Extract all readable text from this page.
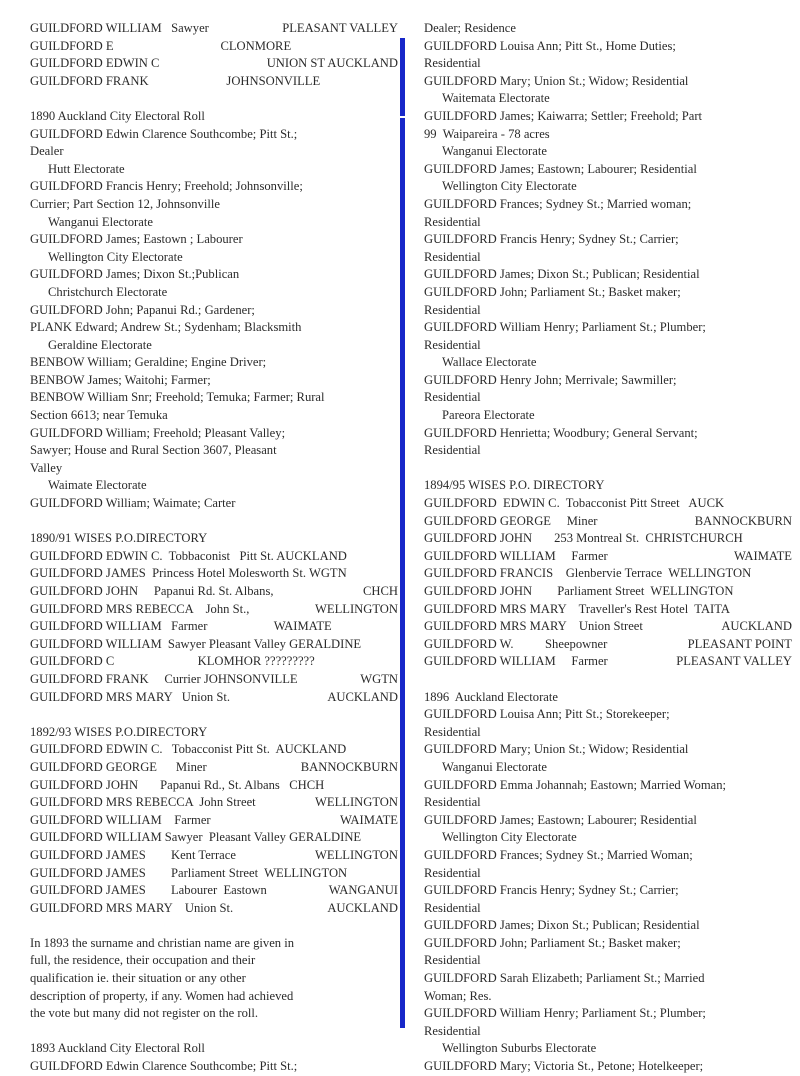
GUILDFORD WILLIAM   Sawyer	PLEASANT VALLEY
GUILDFORD E	CLONMORE
GUILDFORD EDWIN C	UNION ST AUCKLAND
GUILDFORD FRANK	JOHNSONVILLE
1890 Auckland City Electoral Roll
GUILDFORD Edwin Clarence Southcombe; Pitt St.;
Dealer
Hutt Electorate
GUILDFORD Francis Henry; Freehold; Johnsonville;
Currier; Part Section 12, Johnsonville
Wanganui Electorate
GUILDFORD James; Eastown ; Labourer
Wellington City Electorate
GUILDFORD James; Dixon St.;Publican
Christchurch Electorate
GUILDFORD John; Papanui Rd.; Gardener;
PLANK Edward; Andrew St.; Sydenham; Blacksmith
Geraldine Electorate
BENBOW William; Geraldine; Engine Driver;
BENBOW James; Waitohi; Farmer;
BENBOW William Snr; Freehold; Temuka; Farmer; Rural
Section 6613; near Temuka
GUILDFORD William; Freehold; Pleasant Valley;
Sawyer; House and Rural Section 3607, Pleasant
Valley
Waimate Electorate
GUILDFORD William; Waimate; Carter
1890/91 WISES P.O.DIRECTORY
GUILDFORD EDWIN C.  Tobbaconist   Pitt St. AUCKLAND
GUILDFORD JAMES  Princess Hotel Molesworth St. WGTN
GUILDFORD JOHN     Papanui Rd. St. Albans,	CHCH
GUILDFORD MRS REBECCA    John St.,	WELLINGTON
GUILDFORD WILLIAM   Farmer	WAIMATE
GUILDFORD WILLIAM  Sawyer Pleasant Valley GERALDINE
GUILDFORD C	KLOMHOR ?????????
GUILDFORD FRANK     Currier JOHNSONVILLE	WGTN
GUILDFORD MRS MARY   Union St.	AUCKLAND
1892/93 WISES P.O.DIRECTORY
GUILDFORD EDWIN C.   Tobacconist Pitt St.  AUCKLAND
GUILDFORD GEORGE      Miner	BANNOCKBURN
GUILDFORD JOHN       Papanui Rd., St. Albans   CHCH
GUILDFORD MRS REBECCA  John Street	WELLINGTON
GUILDFORD WILLIAM    Farmer	WAIMATE
GUILDFORD WILLIAM Sawyer  Pleasant Valley GERALDINE
GUILDFORD JAMES        Kent Terrace	WELLINGTON
GUILDFORD JAMES        Parliament Street  WELLINGTON
GUILDFORD JAMES        Labourer  Eastown	WANGANUI
GUILDFORD MRS MARY    Union St.	AUCKLAND
In 1893 the surname and christian name are given in
full, the residence, their occupation and their
qualification ie. their situation or any other
description of property, if any. Women had achieved
the vote but many did not register on the roll.
1893 Auckland City Electoral Roll
GUILDFORD Edwin Clarence Southcombe; Pitt St.;
Dealer; Residence
GUILDFORD Louisa Ann; Pitt St., Home Duties;
Residential
GUILDFORD Mary; Union St.; Widow; Residential
Waitemata Electorate
GUILDFORD James; Kaiwarra; Settler; Freehold; Part
99  Waipareira - 78 acres
Wanganui Electorate
GUILDFORD James; Eastown; Labourer; Residential
Wellington City Electorate
GUILDFORD Frances; Sydney St.; Married woman;
Residential
GUILDFORD Francis Henry; Sydney St.; Carrier;
Residential
GUILDFORD James; Dixon St.; Publican; Residential
GUILDFORD John; Parliament St.; Basket maker;
Residential
GUILDFORD William Henry; Parliament St.; Plumber;
Residential
Wallace Electorate
GUILDFORD Henry John; Merrivale; Sawmiller;
Residential
Pareora Electorate
GUILDFORD Henrietta; Woodbury; General Servant;
Residential
1894/95 WISES P.O. DIRECTORY
GUILDFORD  EDWIN C.  Tobacconist Pitt Street   AUCK
GUILDFORD GEORGE     Miner	BANNOCKBURN
GUILDFORD JOHN       253 Montreal St.  CHRISTCHURCH
GUILDFORD WILLIAM     Farmer	WAIMATE
GUILDFORD FRANCIS    Glenbervie Terrace  WELLINGTON
GUILDFORD JOHN        Parliament Street  WELLINGTON
GUILDFORD MRS MARY    Traveller's Rest Hotel  TAITA
GUILDFORD MRS MARY    Union Street	AUCKLAND
GUILDFORD W.          Sheepowner	PLEASANT POINT
GUILDFORD WILLIAM     Farmer	PLEASANT VALLEY
1896  Auckland Electorate
GUILDFORD Louisa Ann; Pitt St.; Storekeeper;
Residential
GUILDFORD Mary; Union St.; Widow; Residential
Wanganui Electorate
GUILDFORD Emma Johannah; Eastown; Married Woman;
Residential
GUILDFORD James; Eastown; Labourer; Residential
Wellington City Electorate
GUILDFORD Frances; Sydney St.; Married Woman;
Residential
GUILDFORD Francis Henry; Sydney St.; Carrier;
Residential
GUILDFORD James; Dixon St.; Publican; Residential
GUILDFORD John; Parliament St.; Basket maker;
Residential
GUILDFORD Sarah Elizabeth; Parliament St.; Married
Woman; Res.
GUILDFORD William Henry; Parliament St.; Plumber;
Residential
Wellington Suburbs Electorate
GUILDFORD Mary; Victoria St., Petone; Hotelkeeper;
